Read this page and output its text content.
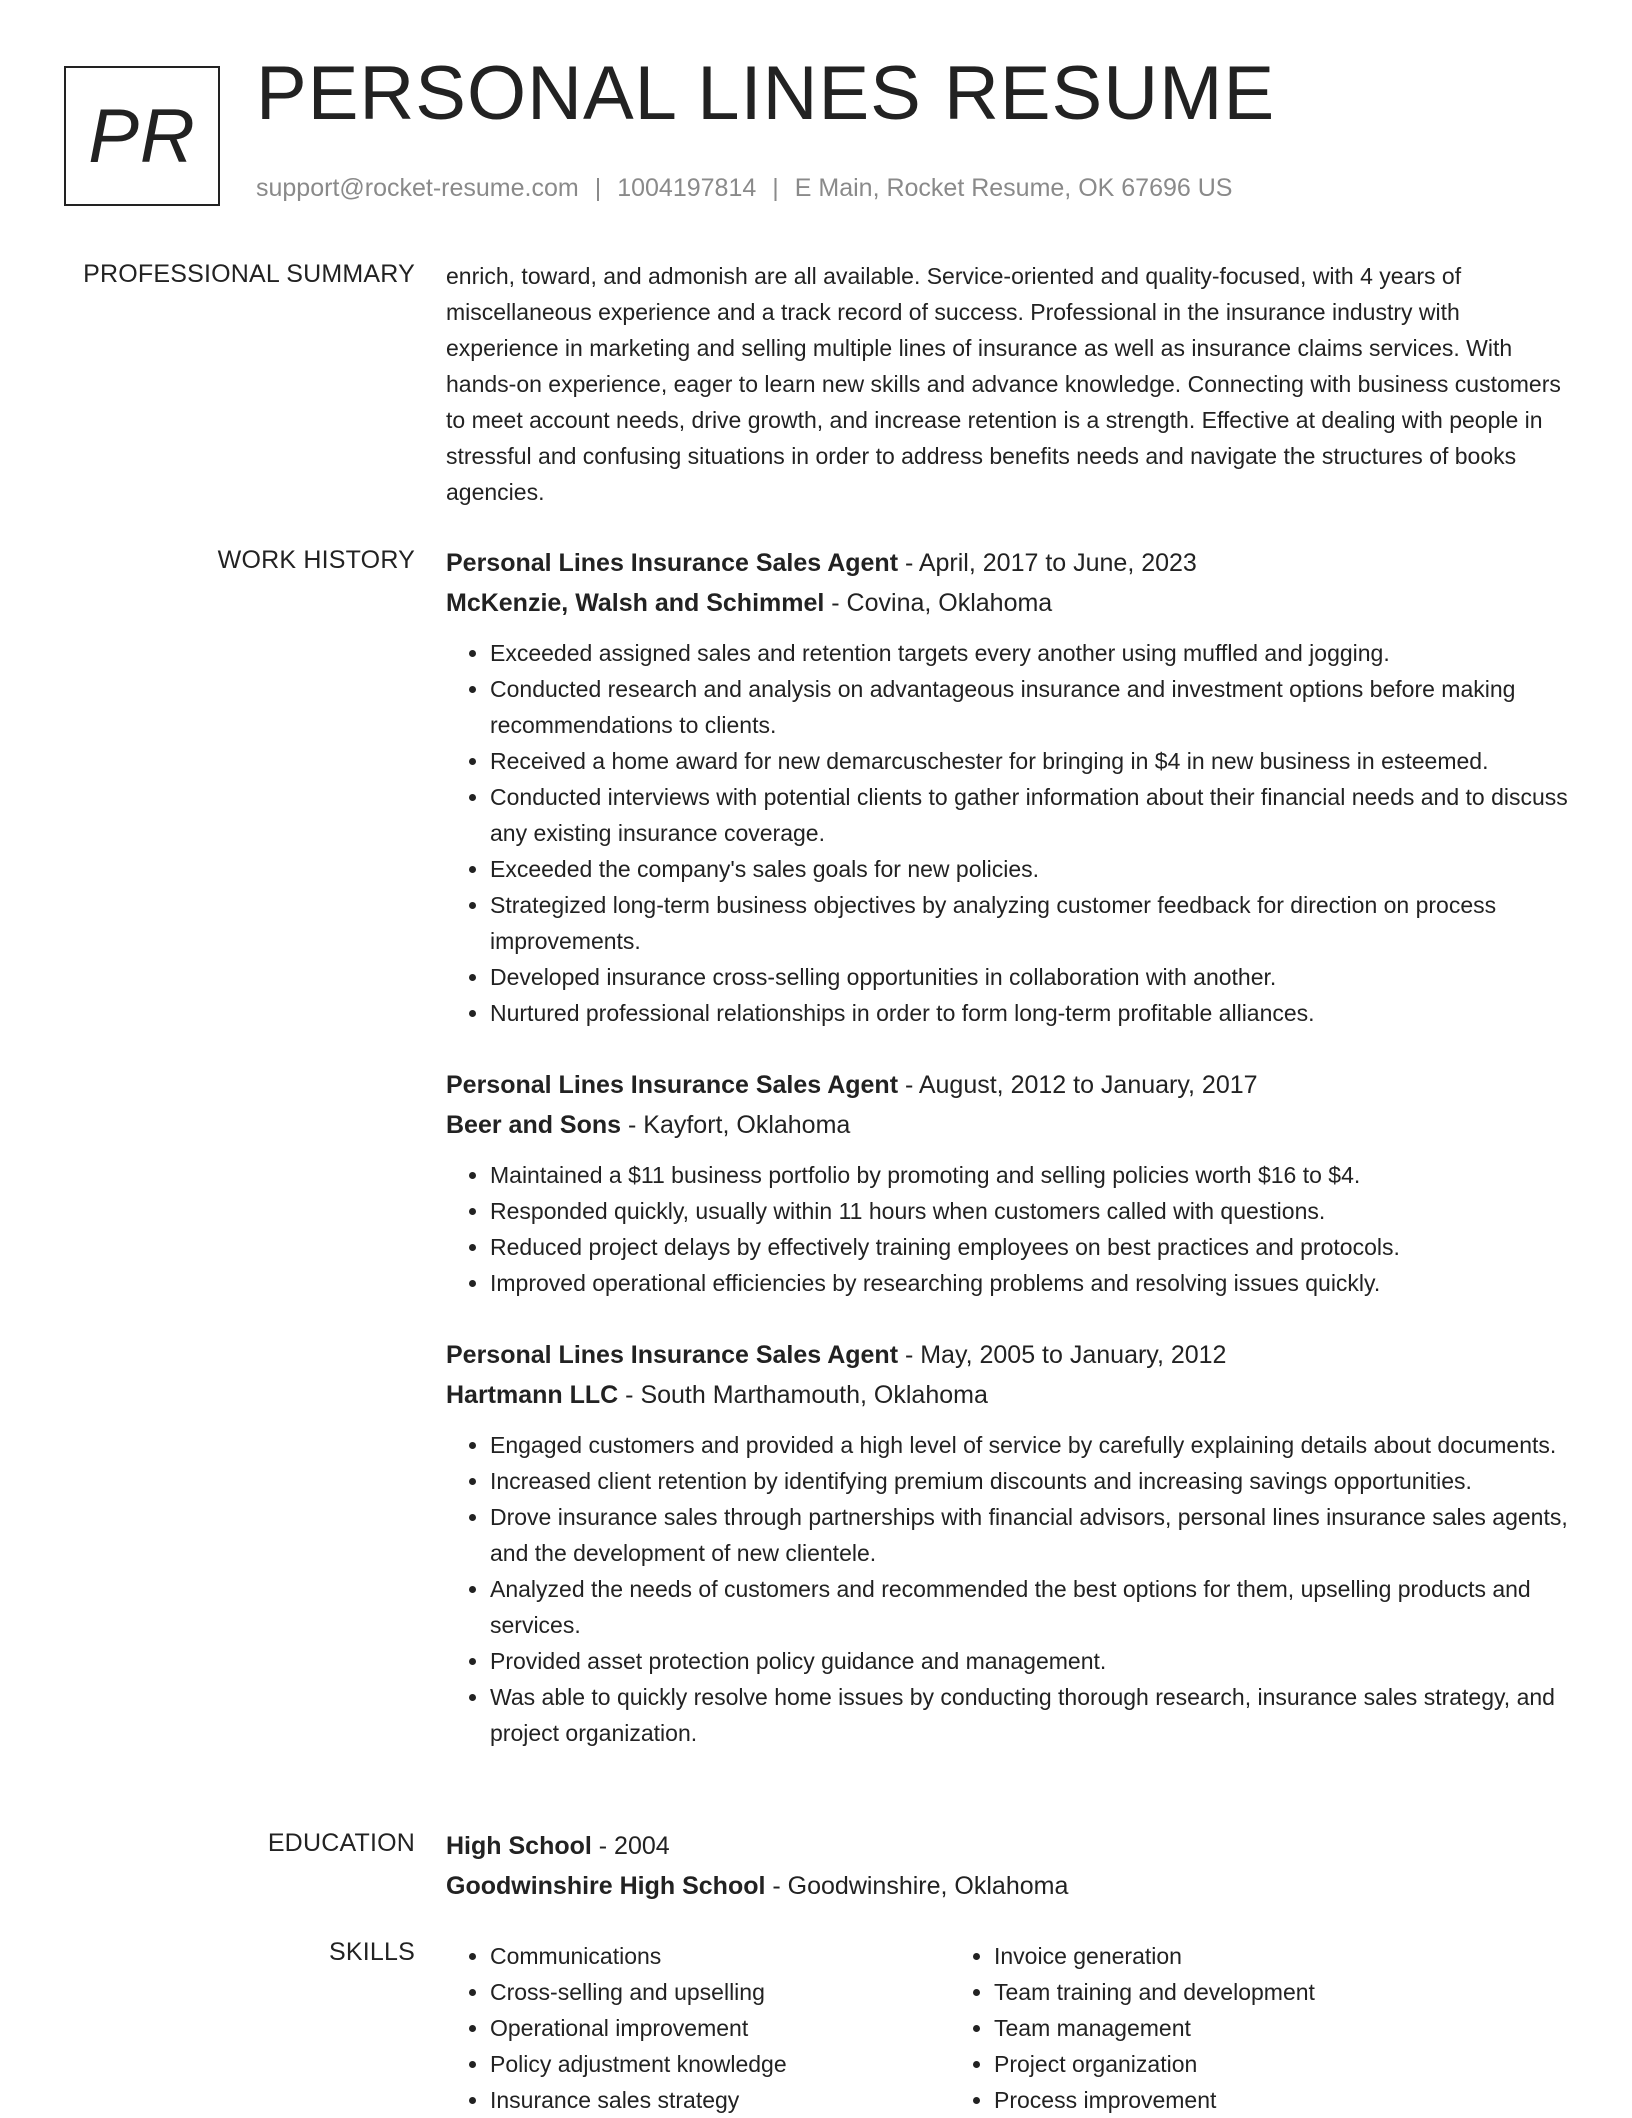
PR PERSONAL LINES RESUME
support@rocket-resume.com | 1004197814 | E Main, Rocket Resume, OK 67696 US
PROFESSIONAL SUMMARY enrich, toward, and admonish are all available. Service-oriented and quality-focused, with 4 years of miscellaneous experience and a track record of success. Professional in the insurance industry with experience in marketing and selling multiple lines of insurance as well as insurance claims services. With hands-on experience, eager to learn new skills and advance knowledge. Connecting with business customers to meet account needs, drive growth, and increase retention is a strength. Effective at dealing with people in stressful and confusing situations in order to address benefits needs and navigate the structures of books agencies.

WORK HISTORY Personal Lines Insurance Sales Agent - April, 2017 to June, 2023
McKenzie, Walsh and Schimmel - Covina, Oklahoma
• Exceeded assigned sales and retention targets every another using muffled and jogging.
• Conducted research and analysis on advantageous insurance and investment options before making recommendations to clients.
• Received a home award for new demarcuschester for bringing in $4 in new business in esteemed.
• Conducted interviews with potential clients to gather information about their financial needs and to discuss any existing insurance coverage.
• Exceeded the company's sales goals for new policies.
• Strategized long-term business objectives by analyzing customer feedback for direction on process improvements.
• Developed insurance cross-selling opportunities in collaboration with another.
• Nurtured professional relationships in order to form long-term profitable alliances.
Personal Lines Insurance Sales Agent - August, 2012 to January, 2017
Beer and Sons - Kayfort, Oklahoma
• Maintained a $11 business portfolio by promoting and selling policies worth $16 to $4.
• Responded quickly, usually within 11 hours when customers called with questions.
• Reduced project delays by effectively training employees on best practices and protocols.
• Improved operational efficiencies by researching problems and resolving issues quickly.
Personal Lines Insurance Sales Agent - May, 2005 to January, 2012
Hartmann LLC - South Marthamouth, Oklahoma
• Engaged customers and provided a high level of service by carefully explaining details about documents.
• Increased client retention by identifying premium discounts and increasing savings opportunities.
• Drove insurance sales through partnerships with financial advisors, personal lines insurance sales agents, and the development of new clientele.
• Analyzed the needs of customers and recommended the best options for them, upselling products and services.
• Provided asset protection policy guidance and management.
• Was able to quickly resolve home issues by conducting thorough research, insurance sales strategy, and project organization.
EDUCATION High School - 2004
Goodwinshire High School - Goodwinshire, Oklahoma
SKILLS
•	Communications
• Cross-selling and upselling
• Operational improvement
• Policy adjustment knowledge
• Insurance sales strategy
• Invoice generation
• Team training and development
• Team management
• Project organization
• Process improvement
